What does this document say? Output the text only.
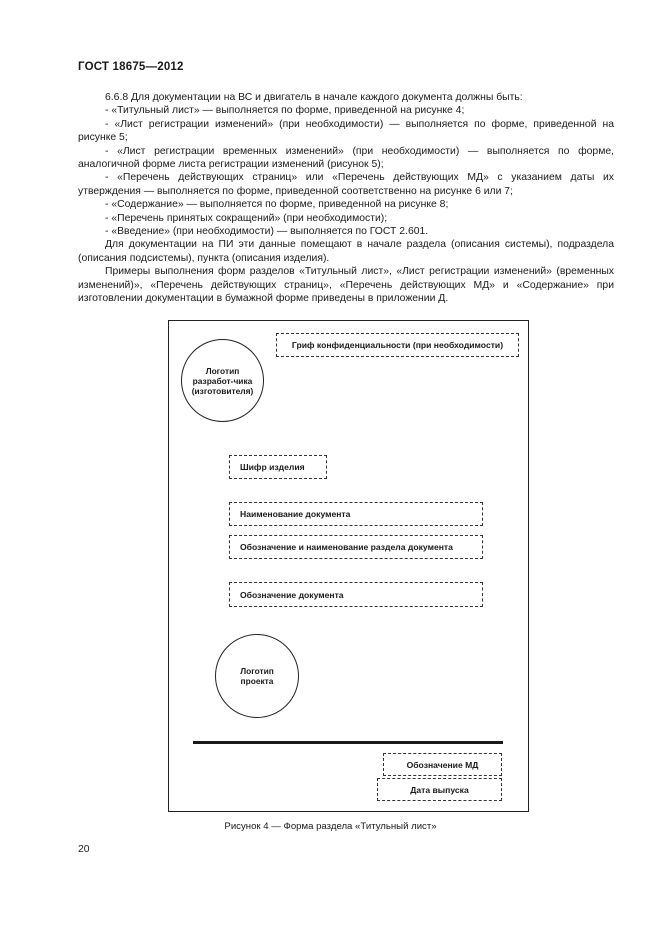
ГОСТ 18675—2012

6.6.8 Для документации на ВС и двигатель в начале каждого документа должны быть:

- «Титульный лист» — выполняется по форме, приведенной на рисунке 4;

- «Лист регистрации изменений» (при необходимости) — выполняется по форме, приведенной на рисунке 5;

- «Лист регистрации временных изменений» (при необходимости) — выполняется по форме, аналогичной форме листа регистрации изменений (рисунок 5);

- «Перечень действующих страниц» или «Перечень действующих МД» с указанием даты их утверждения — выполняется по форме, приведенной соответственно на рисунке 6 или 7;

- «Содержание» — выполняется по форме, приведенной на рисунке 8;

- «Перечень принятых сокращений» (при необходимости);

- «Введение» (при необходимости) — выполняется по ГОСТ 2.601.

Для документации на ПИ эти данные помещают в начале раздела (описания системы), подраздела (описания подсистемы), пункта (описания изделия).

Примеры выполнения форм разделов «Титульный лист», «Лист регистрации изменений» (временных изменений)», «Перечень действующих страниц», «Перечень действующих МД» и «Содержание» при изготовлении документации в бумажной форме приведены в приложении Д.

Гриф конфиденциальности (при необходимости)
Логотип
разработ-чика
(изготовителя)
Шифр изделия
Наименование документа
Обозначение и наименование раздела документа
Обозначение документа
Логотип
проекта
Обозначение МД
Дата выпуска
Рисунок 4 — Форма раздела «Титульный лист»
20
